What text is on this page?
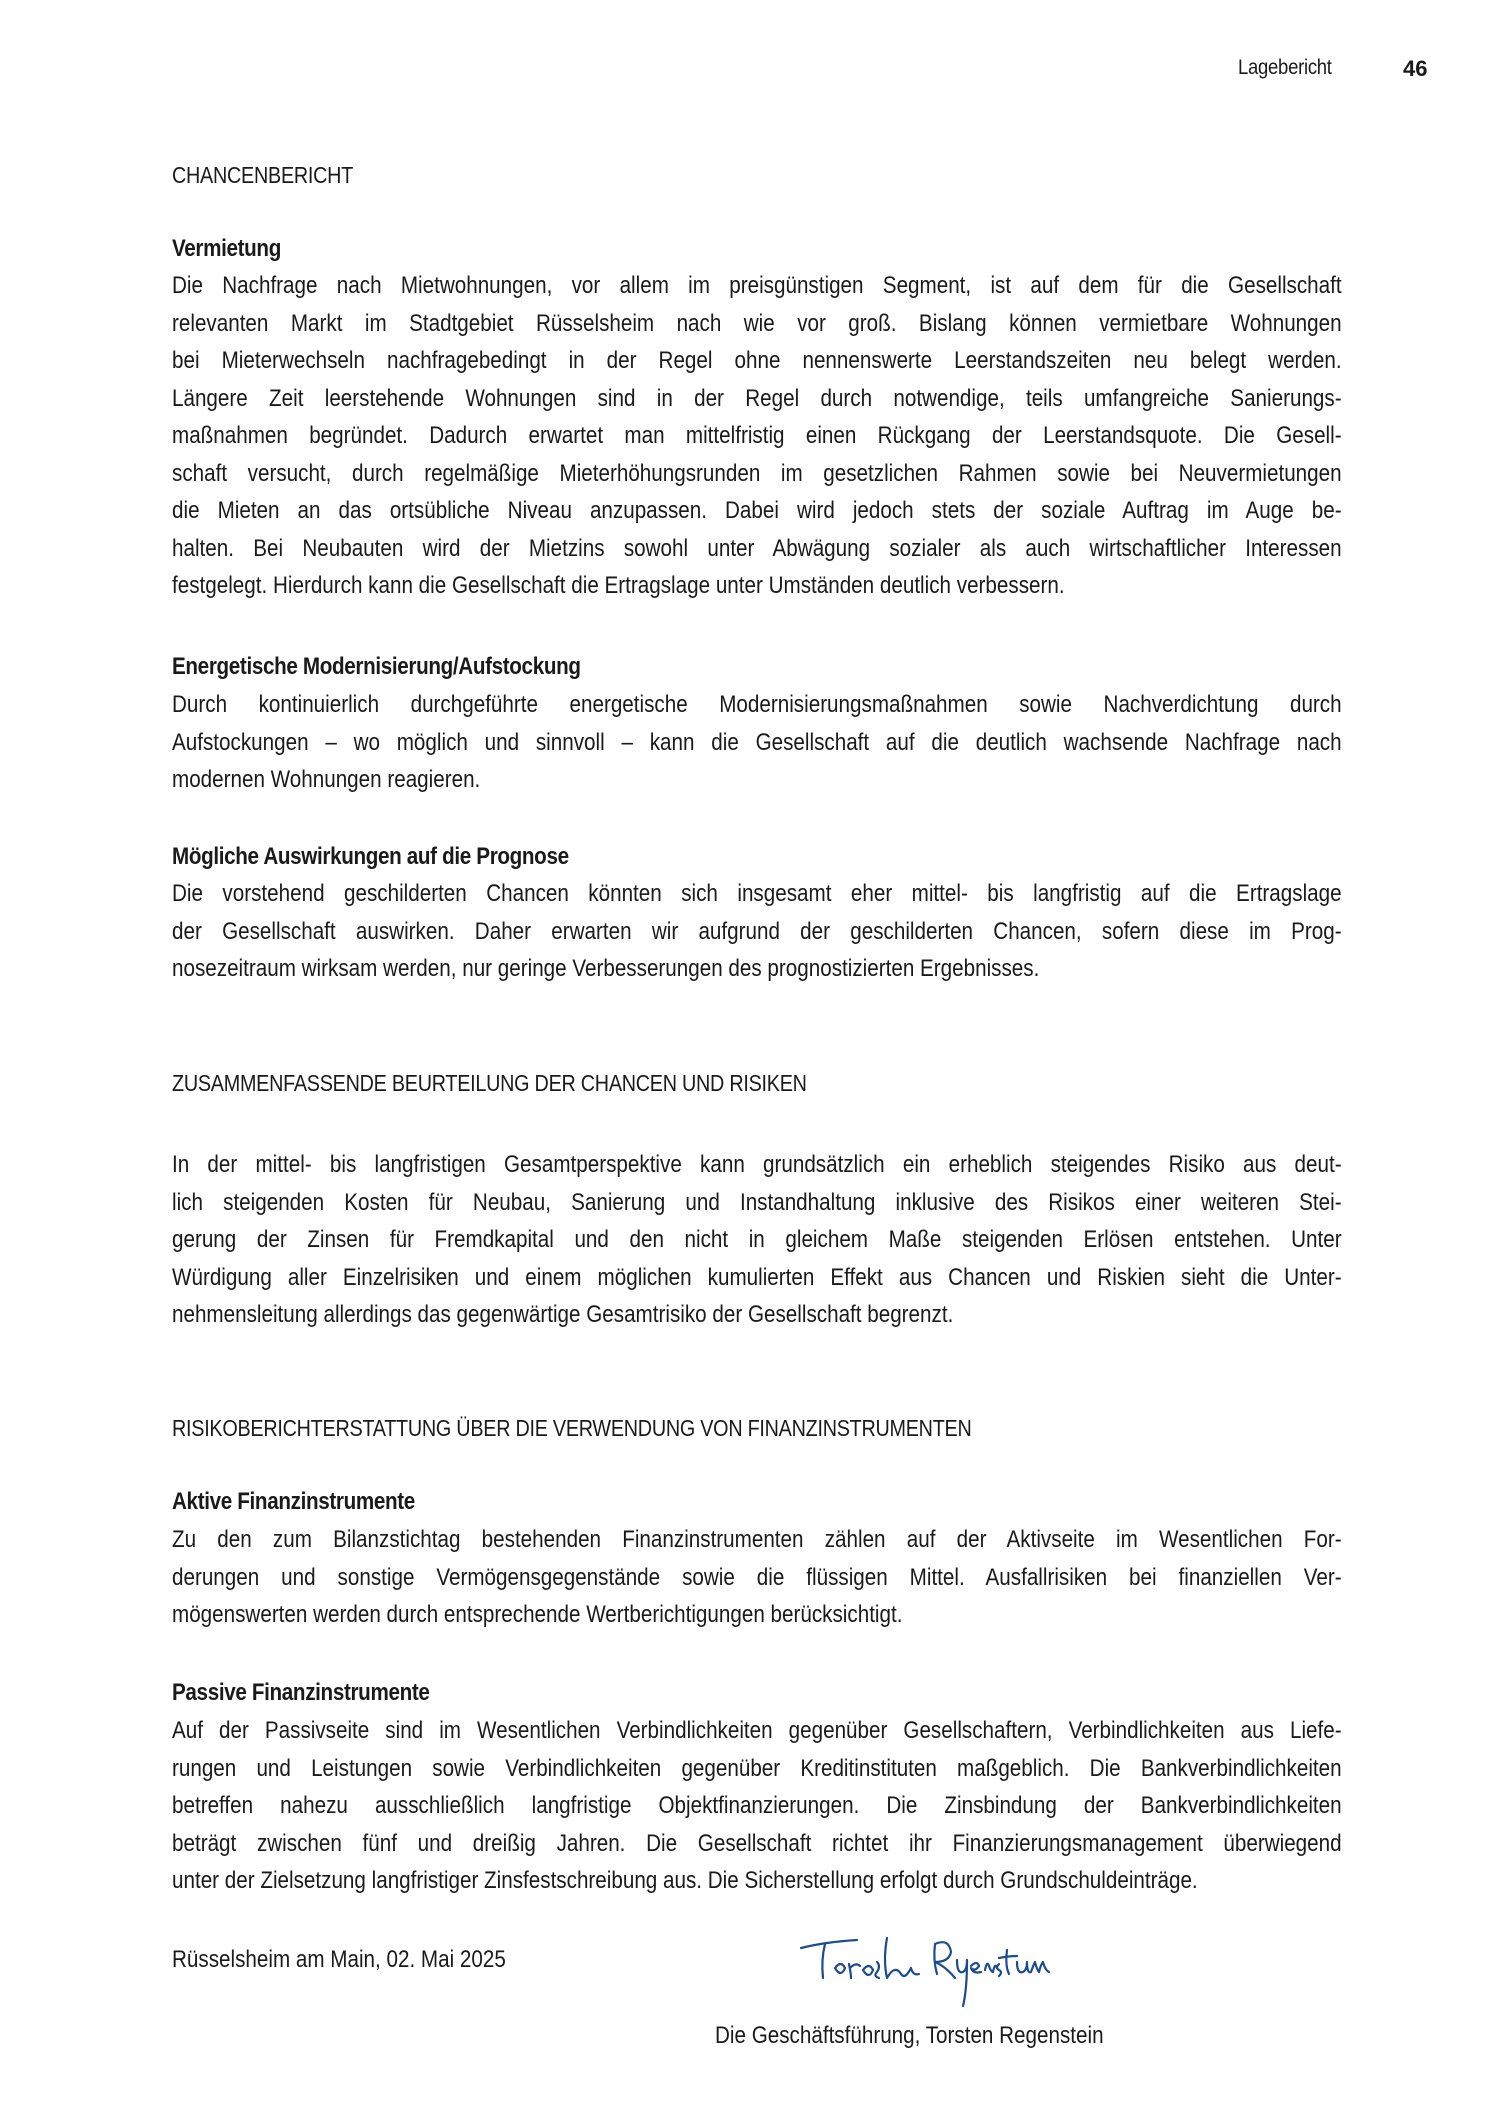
Lagebericht	46
CHANCENBERICHT
Vermietung
Die Nachfrage nach Mietwohnungen, vor allem im preisgünstigen Segment, ist auf dem für die Gesellschaft
relevanten Markt im Stadtgebiet Rüsselsheim nach wie vor groß. Bislang können vermietbare Wohnungen
bei Mieterwechseln nachfragebedingt in der Regel ohne nennenswerte Leerstandszeiten neu belegt werden.
Längere Zeit leerstehende Wohnungen sind in der Regel durch notwendige, teils umfangreiche Sanierungs-
maßnahmen begründet. Dadurch erwartet man mittelfristig einen Rückgang der Leerstandsquote. Die Gesell-
schaft versucht, durch regelmäßige Mieterhöhungsrunden im gesetzlichen Rahmen sowie bei Neuvermietungen
die Mieten an das ortsübliche Niveau anzupassen. Dabei wird jedoch stets der soziale Auftrag im Auge be-
halten. Bei Neubauten wird der Mietzins sowohl unter Abwägung sozialer als auch wirtschaftlicher Interessen
festgelegt. Hierdurch kann die Gesellschaft die Ertragslage unter Umständen deutlich verbessern.
Energetische Modernisierung/Aufstockung
Durch kontinuierlich durchgeführte energetische Modernisierungsmaßnahmen sowie Nachverdichtung durch
Aufstockungen – wo möglich und sinnvoll – kann die Gesellschaft auf die deutlich wachsende Nachfrage nach
modernen Wohnungen reagieren.
Mögliche Auswirkungen auf die Prognose
Die vorstehend geschilderten Chancen könnten sich insgesamt eher mittel- bis langfristig auf die Ertragslage
der Gesellschaft auswirken. Daher erwarten wir aufgrund der geschilderten Chancen, sofern diese im Prog-
nosezeitraum wirksam werden, nur geringe Verbesserungen des prognostizierten Ergebnisses.
ZUSAMMENFASSENDE BEURTEILUNG DER CHANCEN UND RISIKEN
In der mittel- bis langfristigen Gesamtperspektive kann grundsätzlich ein erheblich steigendes Risiko aus deut-
lich steigenden Kosten für Neubau, Sanierung und Instandhaltung inklusive des Risikos einer weiteren Stei-
gerung der Zinsen für Fremdkapital und den nicht in gleichem Maße steigenden Erlösen entstehen. Unter
Würdigung aller Einzelrisiken und einem möglichen kumulierten Effekt aus Chancen und Riskien sieht die Unter-
nehmensleitung allerdings das gegenwärtige Gesamtrisiko der Gesellschaft begrenzt.
RISIKOBERICHTERSTATTUNG ÜBER DIE VERWENDUNG VON FINANZINSTRUMENTEN
Aktive Finanzinstrumente
Zu den zum Bilanzstichtag bestehenden Finanzinstrumenten zählen auf der Aktivseite im Wesentlichen For-
derungen und sonstige Vermögensgegenstände sowie die flüssigen Mittel. Ausfallrisiken bei finanziellen Ver-
mögenswerten werden durch entsprechende Wertberichtigungen berücksichtigt.
Passive Finanzinstrumente
Auf der Passivseite sind im Wesentlichen Verbindlichkeiten gegenüber Gesellschaftern, Verbindlichkeiten aus Liefe-
rungen und Leistungen sowie Verbindlichkeiten gegenüber Kreditinstituten maßgeblich. Die Bankverbindlichkeiten
betreffen nahezu ausschließlich langfristige Objektfinanzierungen. Die Zinsbindung der Bankverbindlichkeiten
beträgt zwischen fünf und dreißig Jahren. Die Gesellschaft richtet ihr Finanzierungsmanagement überwiegend
unter der Zielsetzung langfristiger Zinsfestschreibung aus. Die Sicherstellung erfolgt durch Grundschuldeinträge.
Rüsselsheim am Main, 02. Mai 2025
Die Geschäftsführung, Torsten Regenstein
